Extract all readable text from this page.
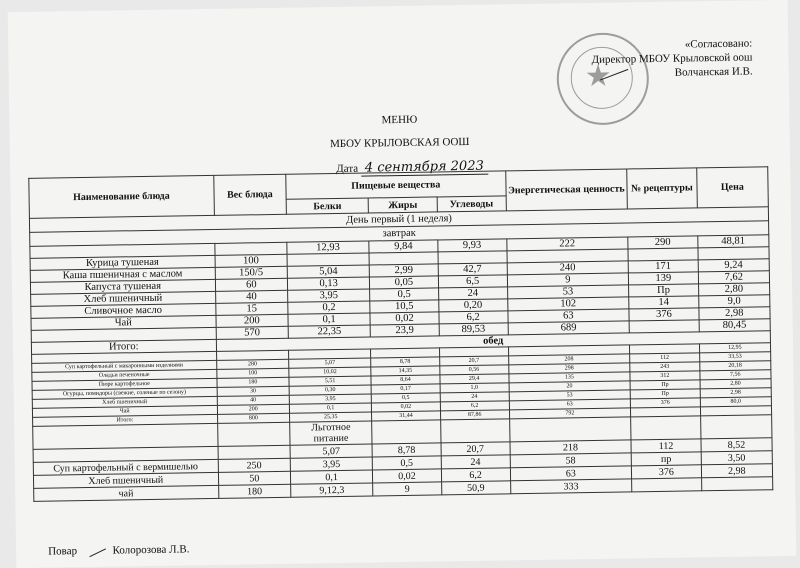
★
«Согласовано:
Директор МБОУ Крыловской оош
Волчанская И.В.
МЕНЮ
МБОУ КРЫЛОВСКАЯ ООШ
Дата 4 сентября 2023
Наименование блюда	Вес блюда	Пищевые вещества			Энергетическая ценность	№ рецептуры	Цена
		Белки	Жиры	Углеводы			
День первый (1 неделя)							
завтрак							
		12,93	9,84	9,93	222	290	48,81
Курица тушеная	100						
Каша пшеничная с маслом	150/5	5,04	2,99	42,7	240	171	9,24
Капуста тушеная	60	0,13	0,05	6,5	9	139	7,62
Хлеб пшеничный	40	3,95	0,5	24	53	Пр	2,80
Сливочное масло	15	0,2	10,5	0,20	102	14	9,0
Чай	200	0,1	0,02	6,2	63	376	2,98
	570	22,35	23,9	89,53	689		80,45
Итого:	обед						
							12,95
Суп картофельный с макаронными изделиями	280	5,07	8,78	20,7	208	112	33,53
Оладьи печеночные	100	10,02	14,35	0,56	298	243	20,18
Пюре картофельное	180	5,51	8,64	29,4	135	312	7,56
Огурцы, помидоры (свежие, соленые по сезону)	30	0,30	0,17	1,0	20	Пр	2,80
Хлеб пшеничный	40	3,95	0,5	24	53	Пр	2,98
Чай	200	0,1	0,02	6,2	63	376	80,0
Итого:	800	25,35	31,44	87,86	792		
		Льготное
питание					
		5,07	8,78	20,7	218	112	8,52
Суп картофельный с вермишелью	250	3,95	0,5	24	58	пр	3,50
Хлеб пшеничный	50	0,1	0,02	6,2	63	376	2,98
чай	180	9,12,3	9	50,9	333		
Повар	Колорозова Л.В.
